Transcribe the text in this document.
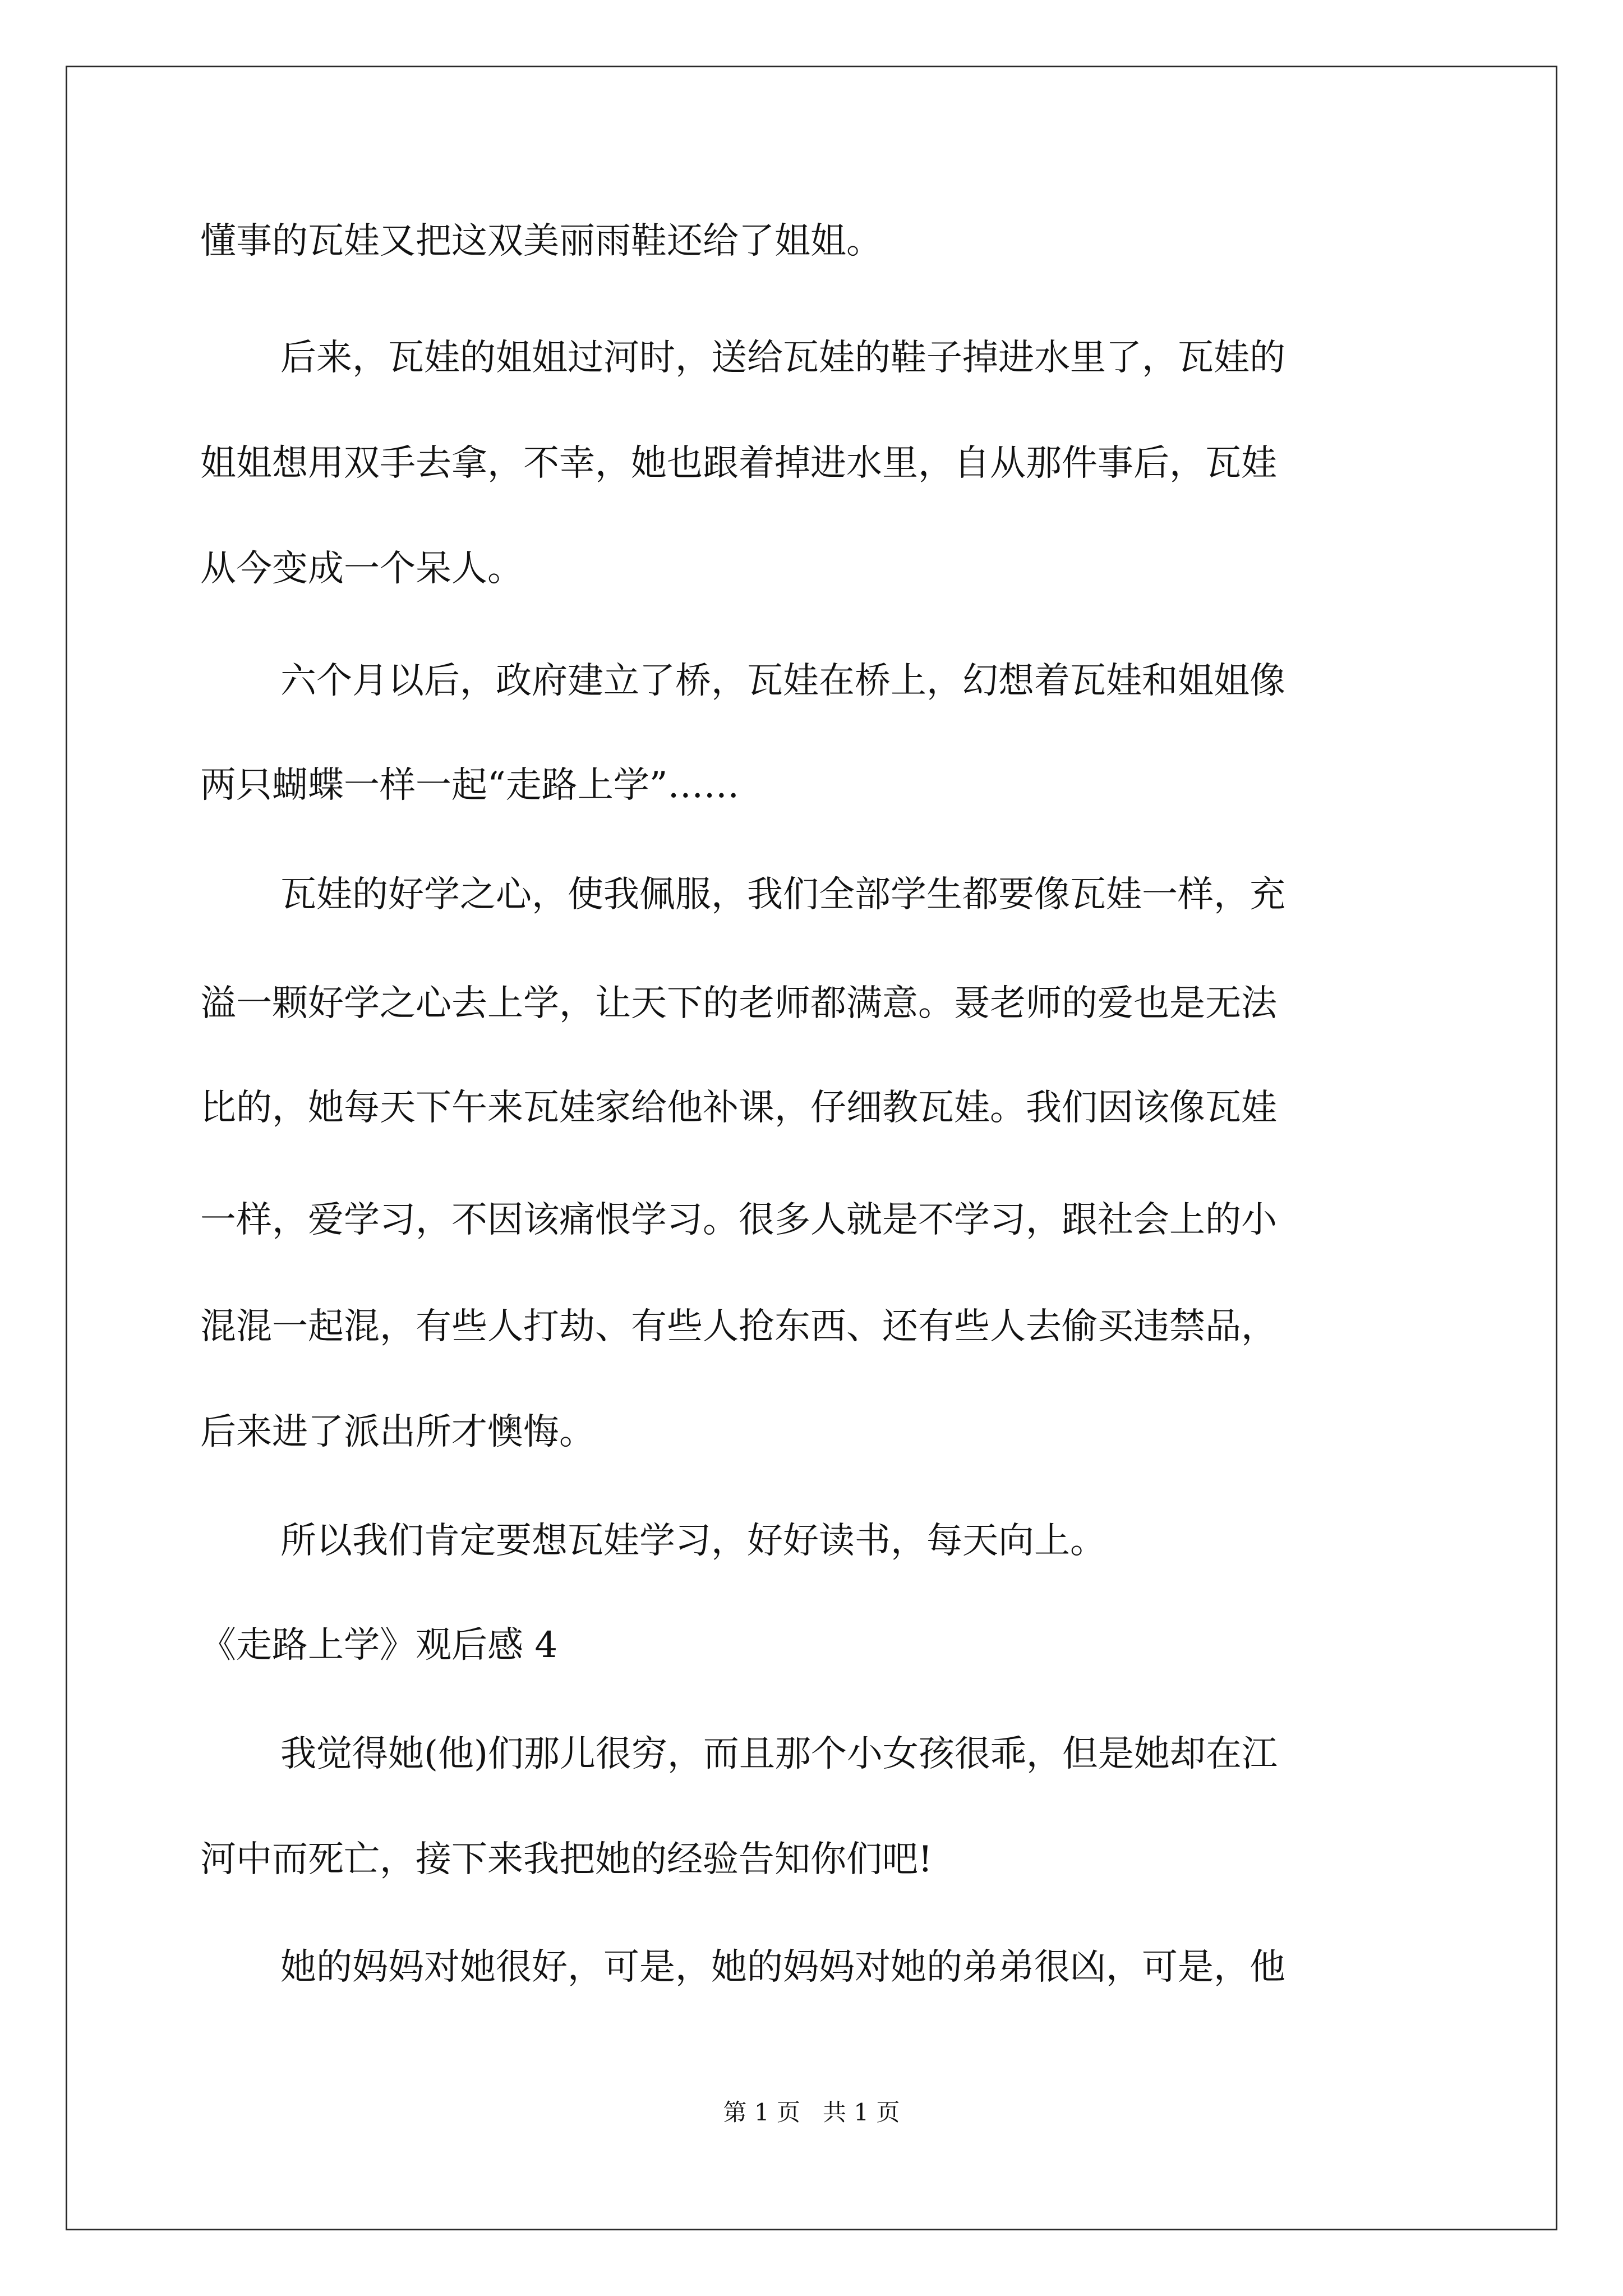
懂事的瓦娃又把这双美丽雨鞋还给了姐姐。
后来，瓦娃的姐姐过河时，送给瓦娃的鞋子掉进水里了，瓦娃的
姐姐想用双手去拿，不幸，她也跟着掉进水里，自从那件事后，瓦娃
从今变成一个呆人。
六个月以后，政府建立了桥，瓦娃在桥上，幻想着瓦娃和姐姐像
两只蝴蝶一样一起“走路上学”……
瓦娃的好学之心，使我佩服，我们全部学生都要像瓦娃一样，充
溢一颗好学之心去上学，让天下的老师都满意。聂老师的爱也是无法
比的，她每天下午来瓦娃家给他补课，仔细教瓦娃。我们因该像瓦娃
一样，爱学习，不因该痛恨学习。很多人就是不学习，跟社会上的小
混混一起混，有些人打劫、有些人抢东西、还有些人去偷买违禁品，
后来进了派出所才懊悔。
所以我们肯定要想瓦娃学习，好好读书，每天向上。
《走路上学》观后感 4
我觉得她(他)们那儿很穷，而且那个小女孩很乖，但是她却在江
河中而死亡，接下来我把她的经验告知你们吧!
她的妈妈对她很好，可是，她的妈妈对她的弟弟很凶，可是，他
第 1 页   共 1 页
